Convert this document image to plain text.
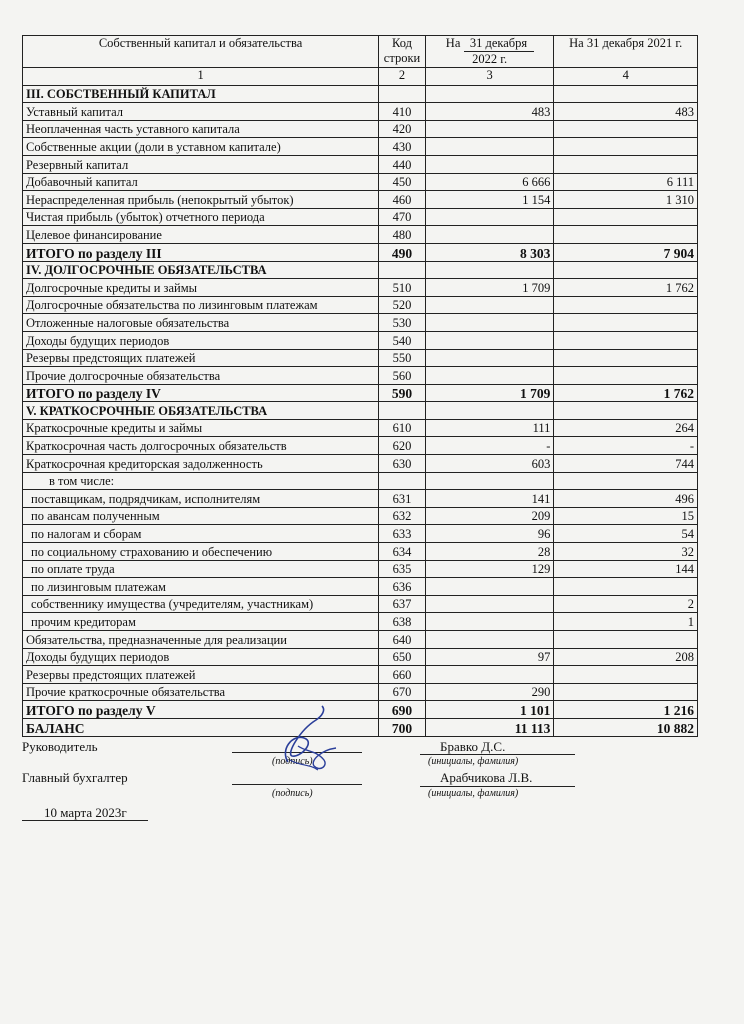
Собственный капитал и обязательства	Код строки	На 31 декабря
2022 г.	На 31 декабря 2021 г.
1	2	3	4
III. СОБСТВЕННЫЙ КАПИТАЛ			
Уставный капитал	410	483	483
Неоплаченная часть уставного капитала	420		
Собственные акции (доли в уставном капитале)	430		
Резервный капитал	440		
Добавочный капитал	450	6 666	6 111
Нераспределенная прибыль (непокрытый убыток)	460	1 154	1 310
Чистая прибыль (убыток) отчетного периода	470		
Целевое финансирование	480		
ИТОГО по разделу III	490	8 303	7 904
IV. ДОЛГОСРОЧНЫЕ ОБЯЗАТЕЛЬСТВА			
Долгосрочные кредиты и займы	510	1 709	1 762
Долгосрочные обязательства по лизинговым платежам	520		
Отложенные налоговые обязательства	530		
Доходы будущих периодов	540		
Резервы предстоящих платежей	550		
Прочие долгосрочные обязательства	560		
ИТОГО по разделу IV	590	1 709	1 762
V. КРАТКОСРОЧНЫЕ ОБЯЗАТЕЛЬСТВА			
Краткосрочные кредиты и займы	610	111	264
Краткосрочная часть долгосрочных обязательств	620	-	-
Краткосрочная кредиторская задолженность	630	603	744
в том числе:			
поставщикам, подрядчикам, исполнителям	631	141	496
по авансам полученным	632	209	15
по налогам и сборам	633	96	54
по социальному страхованию и обеспечению	634	28	32
по оплате труда	635	129	144
по лизинговым платежам	636		
собственнику имущества (учредителям, участникам)	637		2
прочим кредиторам	638		1
Обязательства, предназначенные для реализации	640		
Доходы будущих периодов	650	97	208
Резервы предстоящих платежей	660		
Прочие краткосрочные обязательства	670	290	
ИТОГО по разделу V	690	1 101	1 216
БАЛАНС	700	11 113	10 882
Руководитель
(подпись)
Бравко Д.С.
(инициалы, фамилия)
Главный бухгалтер
(подпись)
Арабчикова Л.В.
(инициалы, фамилия)
10 марта 2023г
